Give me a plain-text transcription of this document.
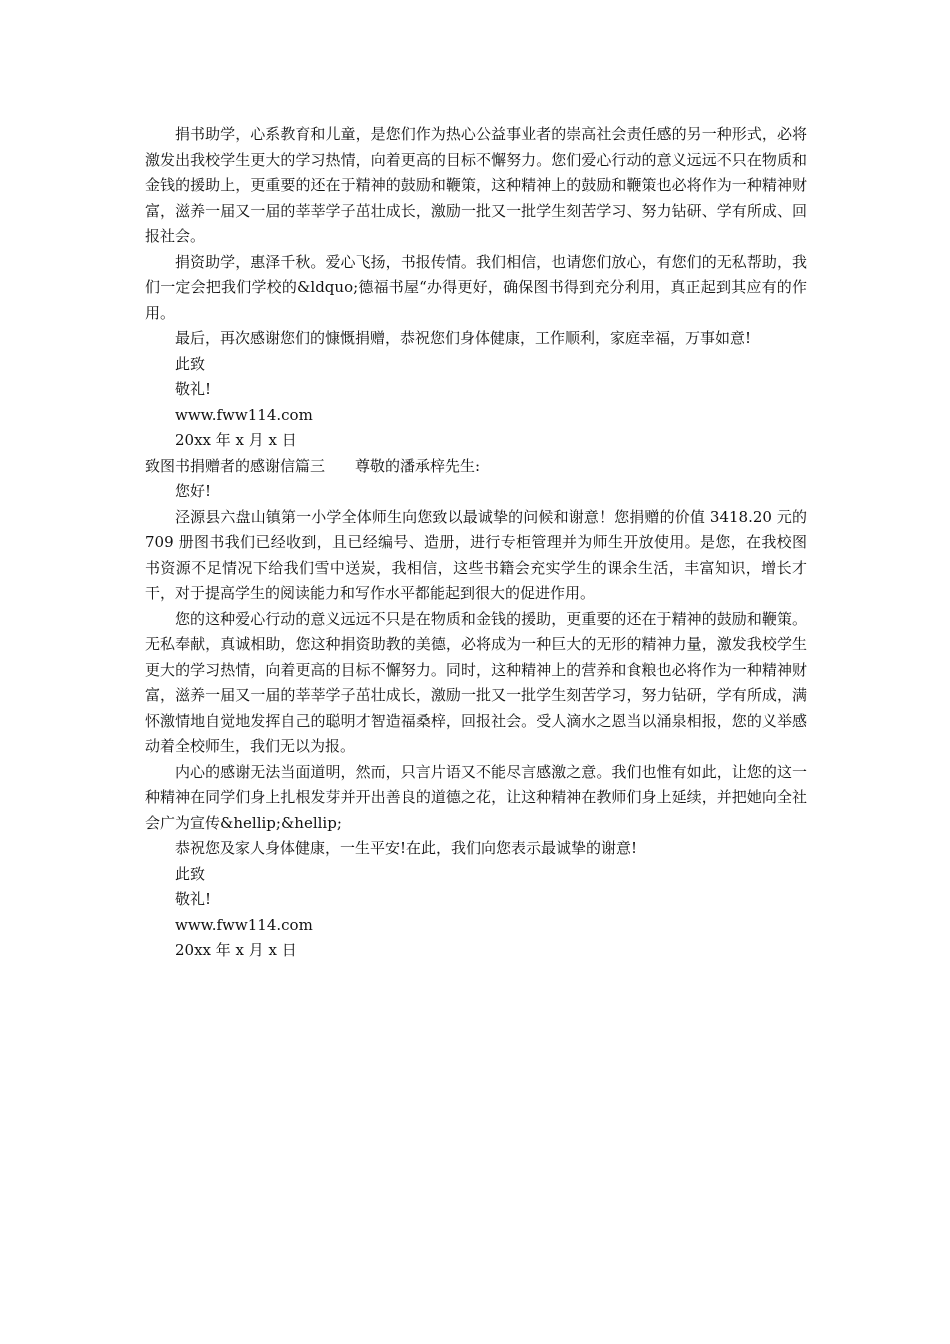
捐书助学，心系教育和儿童，是您们作为热心公益事业者的崇高社会责任感的另一种形式，必将激发出我校学生更大的学习热情，向着更高的目标不懈努力。您们爱心行动的意义远远不只在物质和金钱的援助上，更重要的还在于精神的鼓励和鞭策，这种精神上的鼓励和鞭策也必将作为一种精神财富，滋养一届又一届的莘莘学子茁壮成长，激励一批又一批学生刻苦学习、努力钻研、学有所成、回报社会。

捐资助学，惠泽千秋。爱心飞扬，书报传情。我们相信，也请您们放心，有您们的无私帮助，我们一定会把我们学校的&ldquo;德福书屋“办得更好，确保图书得到充分利用，真正起到其应有的作用。

最后，再次感谢您们的慷慨捐赠，恭祝您们身体健康，工作顺利，家庭幸福，万事如意!

此致

敬礼!

www.fww114.com

20xx 年 x 月 x 日

致图书捐赠者的感谢信篇三 尊敬的潘承梓先生:

您好!

泾源县六盘山镇第一小学全体师生向您致以最诚挚的问候和谢意！您捐赠的价值 3418.20 元的 709 册图书我们已经收到，且已经编号、造册，进行专柜管理并为师生开放使用。是您，在我校图书资源不足情况下给我们雪中送炭，我相信，这些书籍会充实学生的课余生活，丰富知识，增长才干，对于提高学生的阅读能力和写作水平都能起到很大的促进作用。

您的这种爱心行动的意义远远不只是在物质和金钱的援助，更重要的还在于精神的鼓励和鞭策。无私奉献，真诚相助，您这种捐资助教的美德，必将成为一种巨大的无形的精神力量，激发我校学生更大的学习热情，向着更高的目标不懈努力。同时，这种精神上的营养和食粮也必将作为一种精神财富，滋养一届又一届的莘莘学子茁壮成长，激励一批又一批学生刻苦学习，努力钻研，学有所成，满怀激情地自觉地发挥自己的聪明才智造福桑梓，回报社会。受人滴水之恩当以涌泉相报，您的义举感动着全校师生，我们无以为报。

内心的感谢无法当面道明，然而，只言片语又不能尽言感激之意。我们也惟有如此，让您的这一种精神在同学们身上扎根发芽并开出善良的道德之花，让这种精神在教师们身上延续，并把她向全社会广为宣传&hellip;&hellip;

恭祝您及家人身体健康，一生平安!在此，我们向您表示最诚挚的谢意!

此致

敬礼!

www.fww114.com

20xx 年 x 月 x 日
